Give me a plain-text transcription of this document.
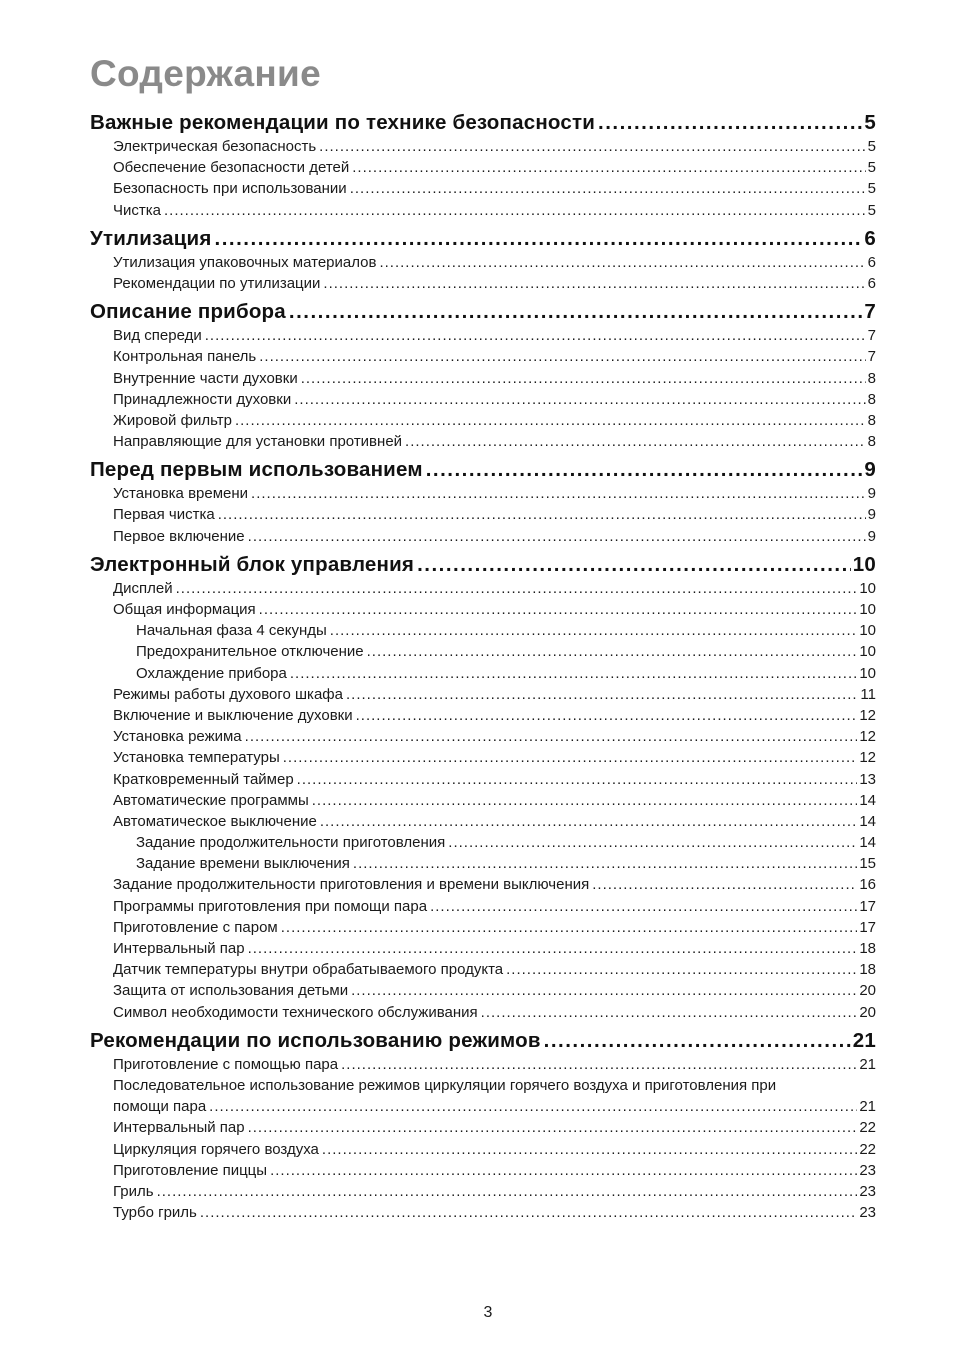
Содержание
Важные рекомендации по технике безопасности .....	5
Электрическая безопасность .....	5
Обеспечение безопасности детей .....	5
Безопасность при использовании .....	5
Чистка .....	5
Утилизация .....	6
Утилизация упаковочных материалов .....	6
Рекомендации по утилизации .....	6
Описание прибора .....	7
Вид спереди .....	7
Контрольная панель .....	7
Внутренние части духовки .....	8
Принадлежности духовки .....	8
Жировой фильтр .....	8
Направляющие для установки противней .....	8
Перед первым использованием .....	9
Установка времени .....	9
Первая чистка .....	9
Первое включение .....	9
Электронный блок управления .....	10
Дисплей .....	10
Общая информация .....	10
Начальная фаза 4 секунды .....	10
Предохранительное отключение .....	10
Охлаждение прибора .....	10
Режимы работы духового шкафа .....	11
Включение и выключение духовки .....	12
Установка режима .....	12
Установка температуры .....	12
Кратковременный таймер .....	13
Автоматические программы .....	14
Автоматическое выключение .....	14
Задание продолжительности приготовления .....	14
Задание времени выключения .....	15
Задание продолжительности приготовления и времени выключения .....	16
Программы приготовления при помощи пара .....	17
Приготовление с паром .....	17
Интервальный пар .....	18
Датчик температуры внутри обрабатываемого продукта .....	18
Защита от использования детьми .....	20
Символ необходимости технического обслуживания .....	20
Рекомендации по использованию режимов .....	21
Приготовление с помощью пара .....	21
Последовательное использование режимов циркуляции горячего воздуха и приготовления при
помощи пара .....	21
Интервальный пар .....	22
Циркуляция горячего воздуха .....	22
Приготовление пиццы .....	23
Гриль .....	23
Турбо гриль .....	23
3
